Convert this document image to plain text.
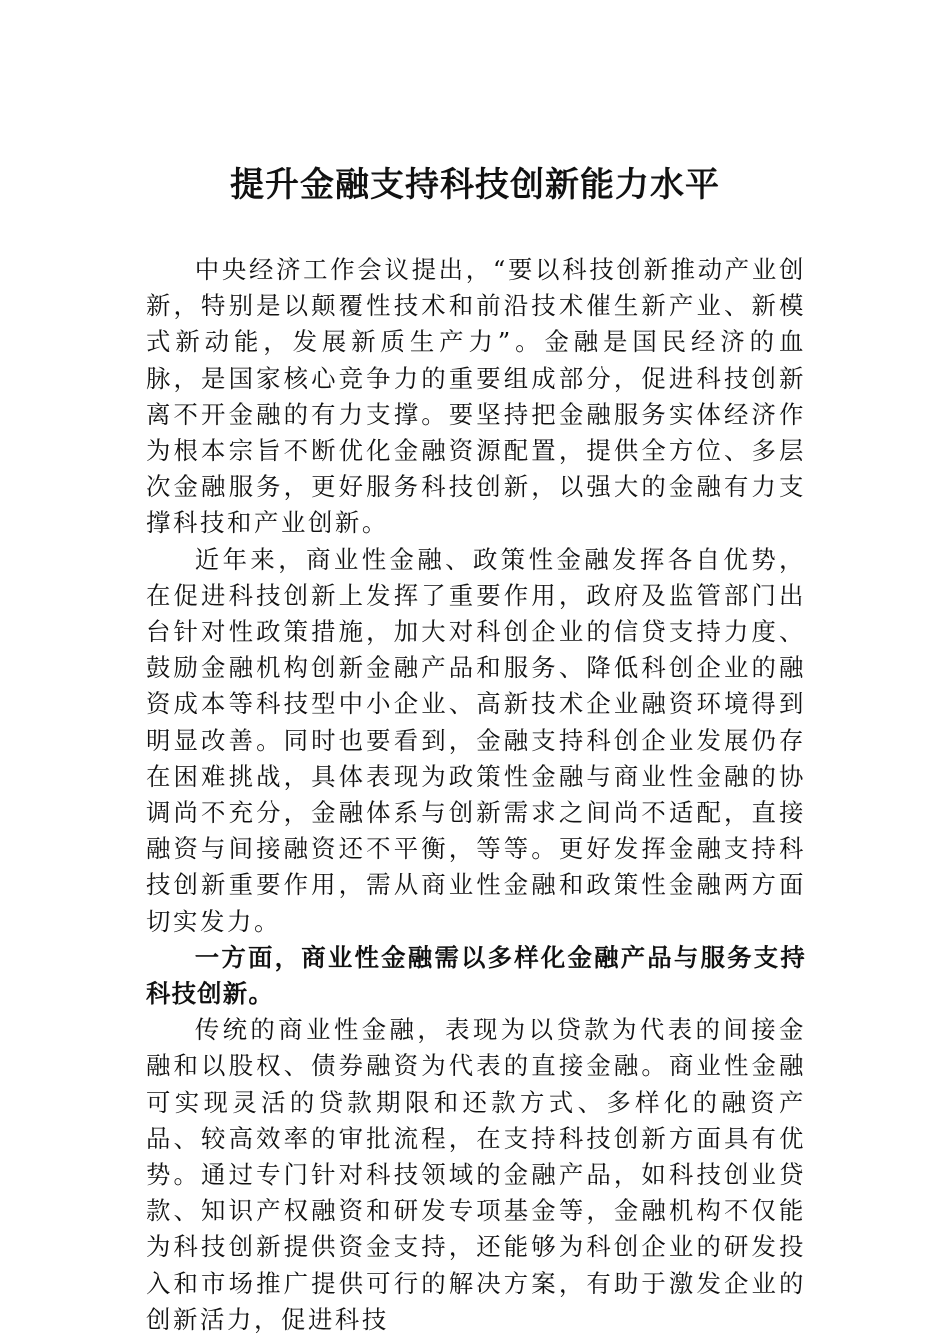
提升金融支持科技创新能力水平

中央经济工作会议提出，“要以科技创新推动产业创新，特别是以颠覆性技术和前沿技术催生新产业、新模式新动能，发展新质生产力”。金融是国民经济的血脉，是国家核心竞争力的重要组成部分，促进科技创新离不开金融的有力支撑。要坚持把金融服务实体经济作为根本宗旨不断优化金融资源配置，提供全方位、多层次金融服务，更好服务科技创新，以强大的金融有力支撑科技和产业创新。

近年来，商业性金融、政策性金融发挥各自优势，在促进科技创新上发挥了重要作用，政府及监管部门出台针对性政策措施，加大对科创企业的信贷支持力度、鼓励金融机构创新金融产品和服务、降低科创企业的融资成本等科技型中小企业、高新技术企业融资环境得到明显改善。同时也要看到，金融支持科创企业发展仍存在困难挑战，具体表现为政策性金融与商业性金融的协调尚不充分，金融体系与创新需求之间尚不适配，直接融资与间接融资还不平衡，等等。更好发挥金融支持科技创新重要作用，需从商业性金融和政策性金融两方面切实发力。

一方面，商业性金融需以多样化金融产品与服务支持科技创新。

传统的商业性金融，表现为以贷款为代表的间接金融和以股权、债券融资为代表的直接金融。商业性金融可实现灵活的贷款期限和还款方式、多样化的融资产品、较高效率的审批流程，在支持科技创新方面具有优势。通过专门针对科技领域的金融产品，如科技创业贷款、知识产权融资和研发专项基金等，金融机构不仅能为科技创新提供资金支持，还能够为科创企业的研发投入和市场推广提供可行的解决方案，有助于激发企业的创新活力，促进科技
